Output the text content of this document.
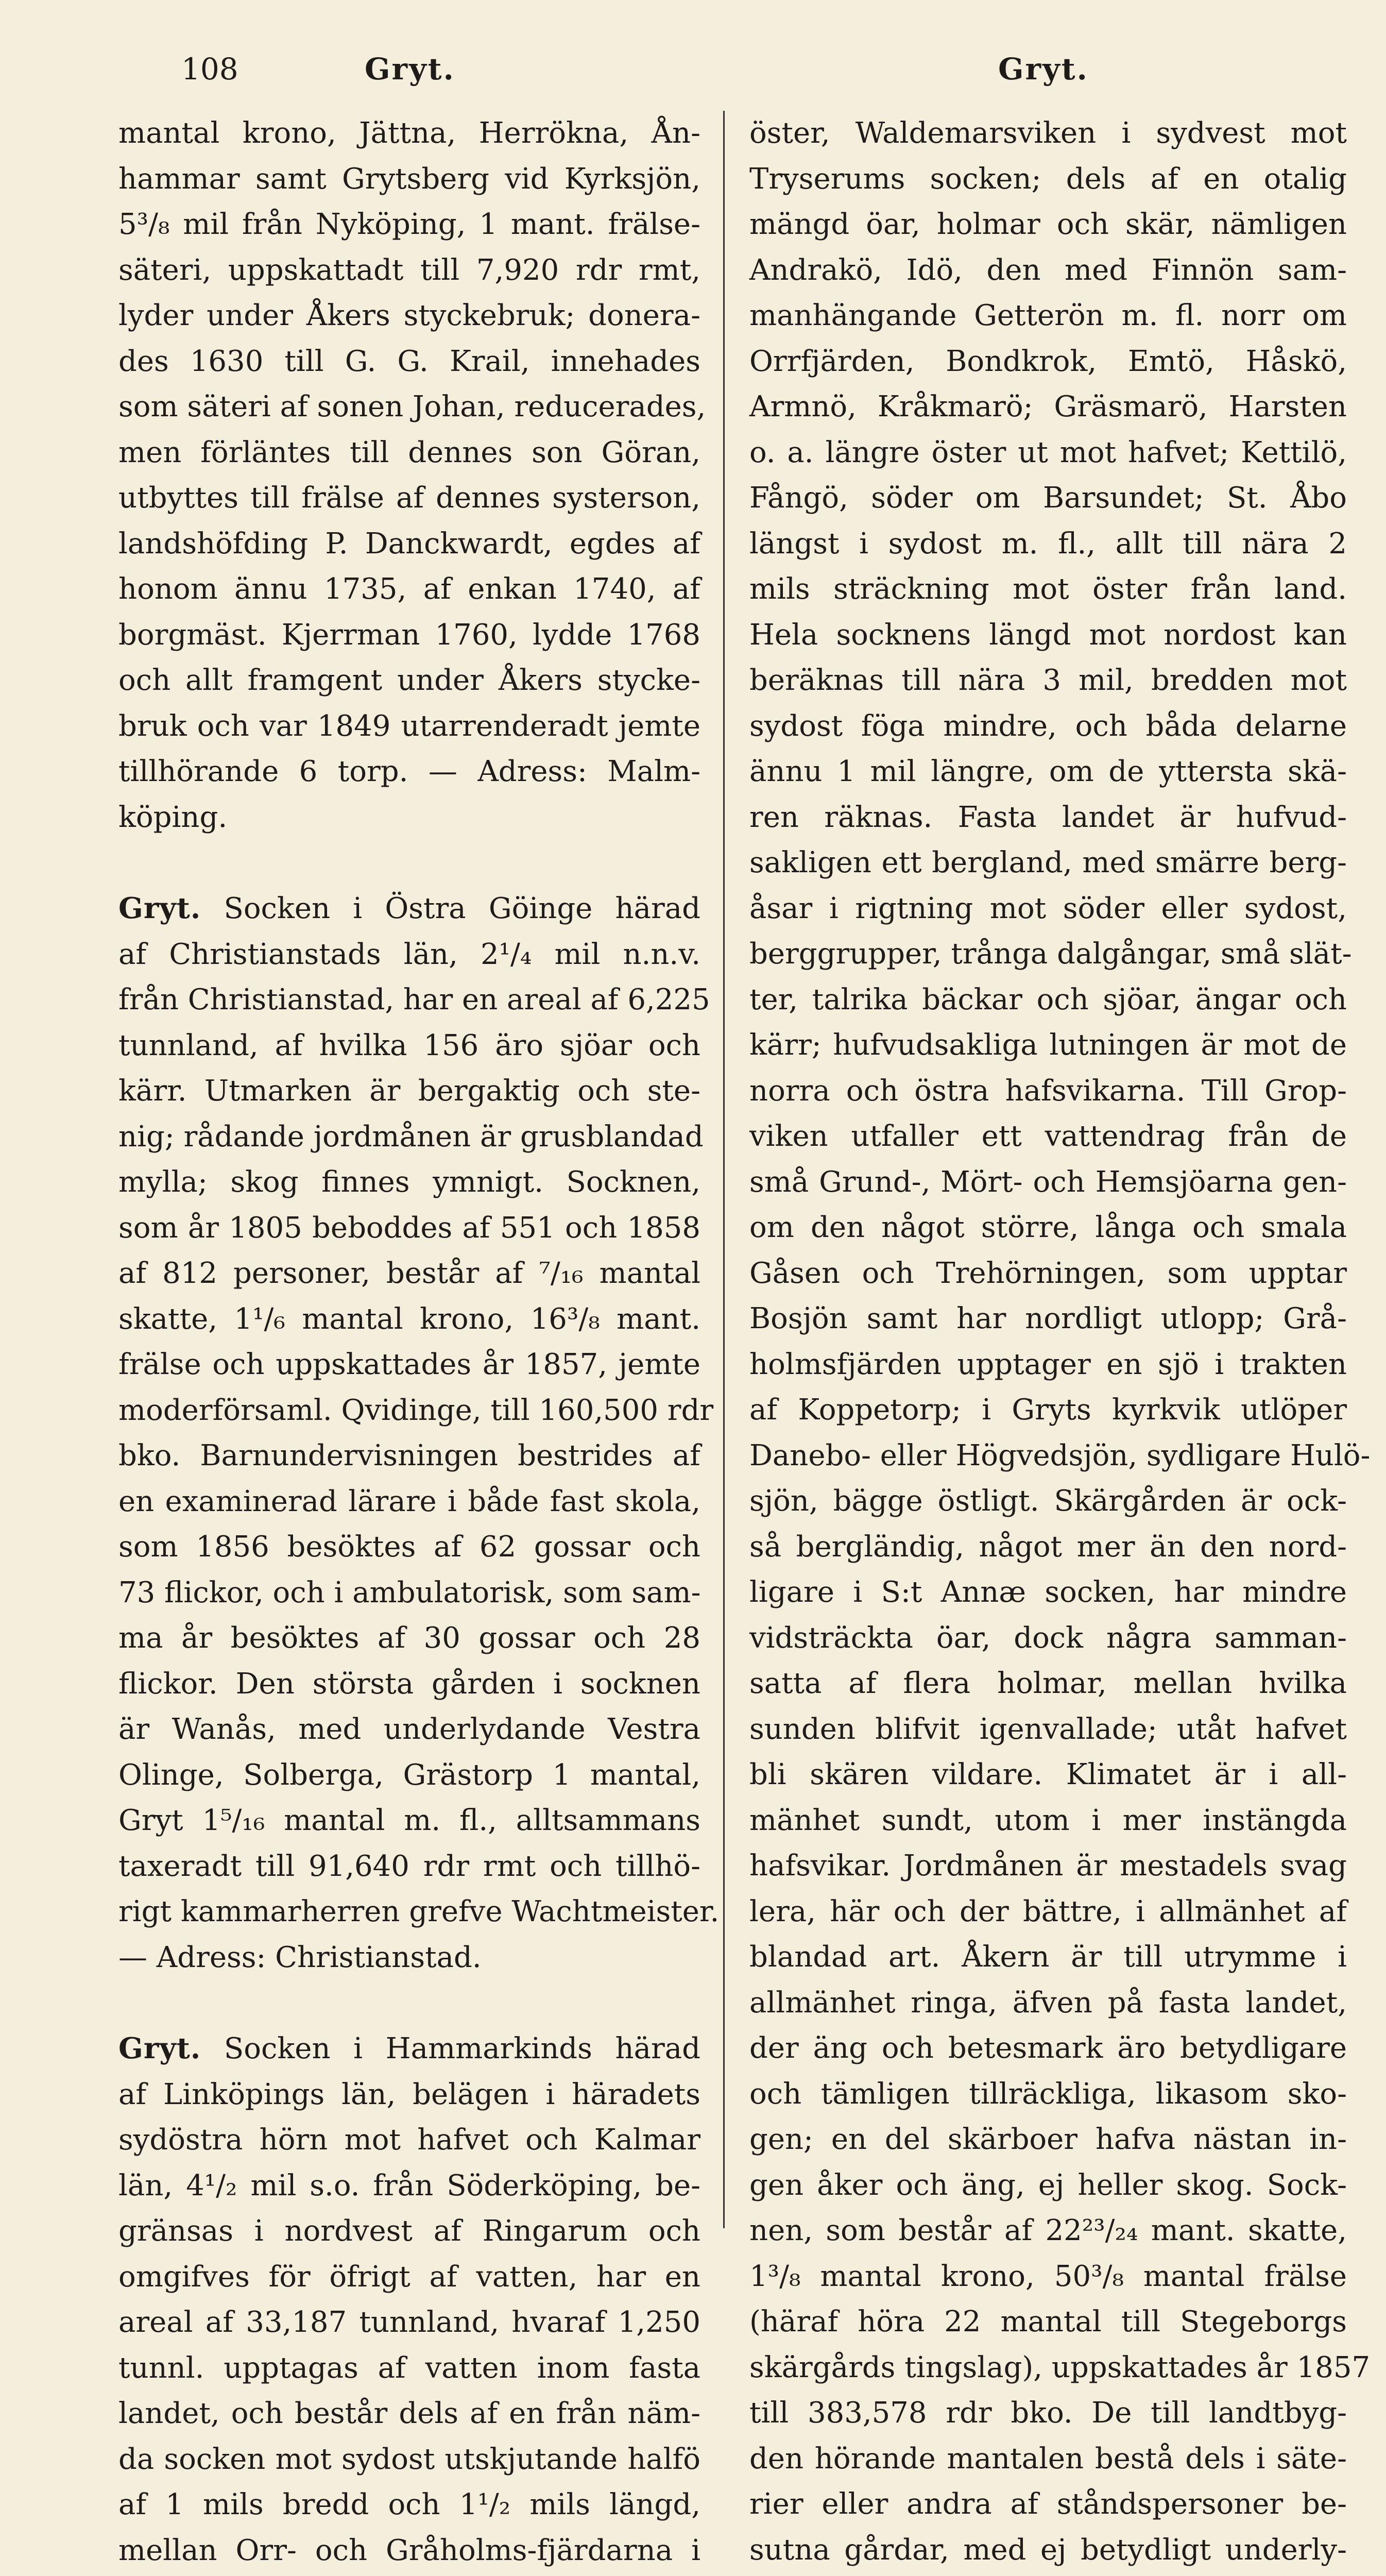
108	Gryt.	Gryt.
mantal krono, Jättna, Herrökna, Ån-
hammar samt Grytsberg vid Kyrksjön,
5³/₈ mil från Nyköping, 1 mant. frälse-
säteri, uppskattadt till 7,920 rdr rmt,
lyder under Åkers styckebruk; donera-
des 1630 till G. G. Krail, innehades
som säteri af sonen Johan, reducerades,
men förläntes till dennes son Göran,
utbyttes till frälse af dennes systerson,
landshöfding P. Danckwardt, egdes af
honom ännu 1735, af enkan 1740, af
borgmäst. Kjerrman 1760, lydde 1768
och allt framgent under Åkers stycke-
bruk och var 1849 utarrenderadt jemte
tillhörande 6 torp. — Adress: Malm-
köping.
Gryt. Socken i Östra Göinge härad
af Christianstads län, 2¹/₄ mil n.n.v.
från Christianstad, har en areal af 6,225
tunnland, af hvilka 156 äro sjöar och
kärr. Utmarken är bergaktig och ste-
nig; rådande jordmånen är grusblandad
mylla; skog finnes ymnigt. Socknen,
som år 1805 beboddes af 551 och 1858
af 812 personer, består af ⁷/₁₆ mantal
skatte, 1¹/₆ mantal krono, 16³/₈ mant.
frälse och uppskattades år 1857, jemte
moderförsaml. Qvidinge, till 160,500 rdr
bko. Barnundervisningen bestrides af
en examinerad lärare i både fast skola,
som 1856 besöktes af 62 gossar och
73 flickor, och i ambulatorisk, som sam-
ma år besöktes af 30 gossar och 28
flickor. Den största gården i socknen
är Wanås, med underlydande Vestra
Olinge, Solberga, Grästorp 1 mantal,
Gryt 1⁵/₁₆ mantal m. fl., alltsammans
taxeradt till 91,640 rdr rmt och tillhö-
rigt kammarherren grefve Wachtmeister.
— Adress: Christianstad.
Gryt. Socken i Hammarkinds härad
af Linköpings län, belägen i häradets
sydöstra hörn mot hafvet och Kalmar
län, 4¹/₂ mil s.o. från Söderköping, be-
gränsas i nordvest af Ringarum och
omgifves för öfrigt af vatten, har en
areal af 33,187 tunnland, hvaraf 1,250
tunnl. upptagas af vatten inom fasta
landet, och består dels af en från näm-
da socken mot sydost utskjutande halfö
af 1 mils bredd och 1¹/₂ mils längd,
mellan Orr- och Gråholms-fjärdarna i
öster, Waldemarsviken i sydvest mot
Tryserums socken; dels af en otalig
mängd öar, holmar och skär, nämligen
Andrakö, Idö, den med Finnön sam-
manhängande Getterön m. fl. norr om
Orrfjärden, Bondkrok, Emtö, Håskö,
Armnö, Kråkmarö; Gräsmarö, Harsten
o. a. längre öster ut mot hafvet; Kettilö,
Fångö, söder om Barsundet; St. Åbo
längst i sydost m. fl., allt till nära 2
mils sträckning mot öster från land.
Hela socknens längd mot nordost kan
beräknas till nära 3 mil, bredden mot
sydost föga mindre, och båda delarne
ännu 1 mil längre, om de yttersta skä-
ren räknas. Fasta landet är hufvud-
sakligen ett bergland, med smärre berg-
åsar i rigtning mot söder eller sydost,
berggrupper, trånga dalgångar, små slät-
ter, talrika bäckar och sjöar, ängar och
kärr; hufvudsakliga lutningen är mot de
norra och östra hafsvikarna. Till Grop-
viken utfaller ett vattendrag från de
små Grund-, Mört- och Hemsjöarna gen-
om den något större, långa och smala
Gåsen och Trehörningen, som upptar
Bosjön samt har nordligt utlopp; Grå-
holmsfjärden upptager en sjö i trakten
af Koppetorp; i Gryts kyrkvik utlöper
Danebo- eller Högvedsjön, sydligare Hulö-
sjön, bägge östligt. Skärgården är ock-
så bergländig, något mer än den nord-
ligare i S:t Annæ socken, har mindre
vidsträckta öar, dock några samman-
satta af flera holmar, mellan hvilka
sunden blifvit igenvallade; utåt hafvet
bli skären vildare. Klimatet är i all-
mänhet sundt, utom i mer instängda
hafsvikar. Jordmånen är mestadels svag
lera, här och der bättre, i allmänhet af
blandad art. Åkern är till utrymme i
allmänhet ringa, äfven på fasta landet,
der äng och betesmark äro betydligare
och tämligen tillräckliga, likasom sko-
gen; en del skärboer hafva nästan in-
gen åker och äng, ej heller skog. Sock-
nen, som består af 22²³/₂₄ mant. skatte,
1³/₈ mantal krono, 50³/₈ mantal frälse
(häraf höra 22 mantal till Stegeborgs
skärgårds tingslag), uppskattades år 1857
till 383,578 rdr bko. De till landtbyg-
den hörande mantalen bestå dels i säte-
rier eller andra af ståndspersoner be-
sutna gårdar, med ej betydligt underly-
